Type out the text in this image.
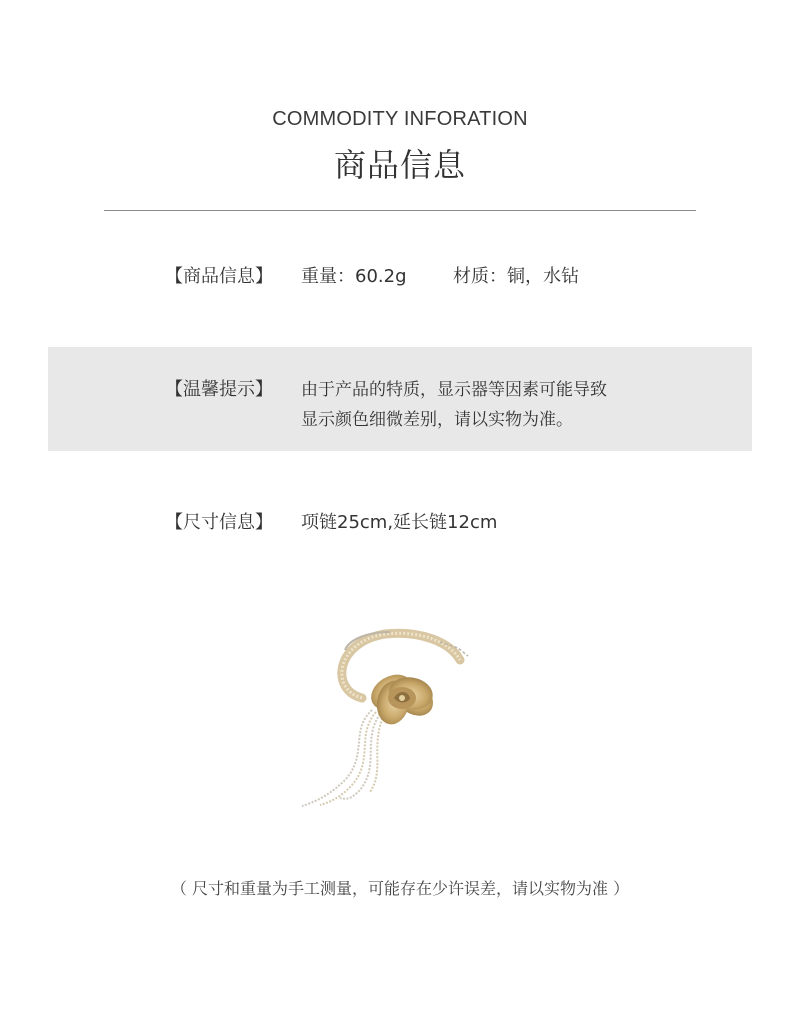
COMMODITY INFORATION
商品信息
【商品信息】	重量：60.2g	材质：铜，水钻
【温馨提示】	由于产品的特质，显示器等因素可能导致
显示颜色细微差别，请以实物为准。
【尺寸信息】	项链25cm,延长链12cm
（ 尺寸和重量为手工测量，可能存在少许误差，请以实物为准 ）
